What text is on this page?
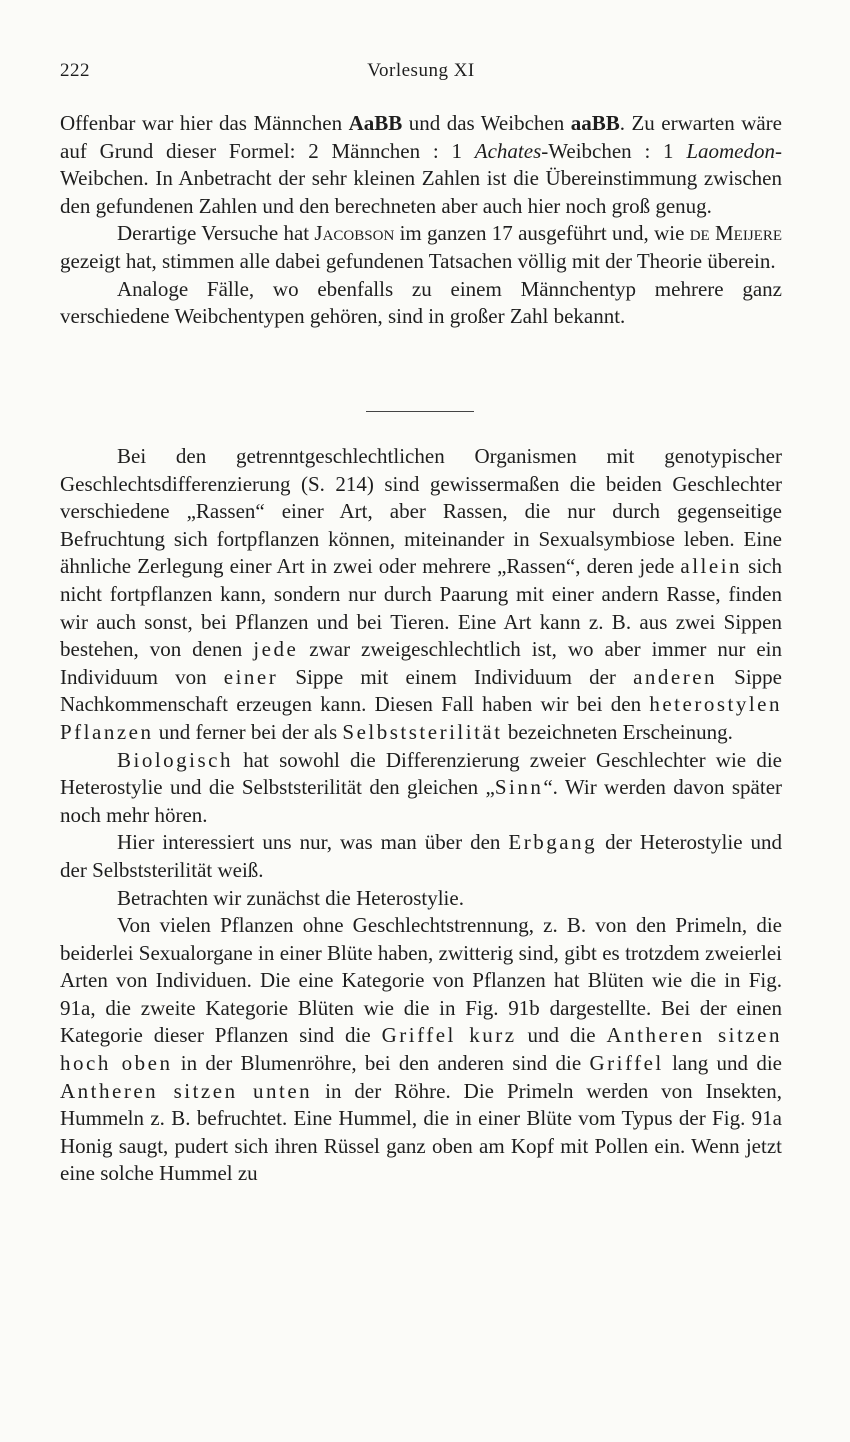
222	Vorlesung XI

Offenbar war hier das Männchen AaBB und das Weibchen aaBB. Zu erwarten wäre auf Grund dieser Formel: 2 Männchen : 1 Achates-Weibchen : 1 Laomedon-Weibchen. In Anbetracht der sehr kleinen Zahlen ist die Übereinstimmung zwischen den gefundenen Zahlen und den berechneten aber auch hier noch groß genug.

Derartige Versuche hat Jacobson im ganzen 17 ausgeführt und, wie de Meijere gezeigt hat, stimmen alle dabei gefundenen Tatsachen völlig mit der Theorie überein.

Analoge Fälle, wo ebenfalls zu einem Männchentyp mehrere ganz verschiedene Weibchentypen gehören, sind in großer Zahl bekannt.

Bei den getrenntgeschlechtlichen Organismen mit genotypischer Geschlechtsdifferenzierung (S. 214) sind gewissermaßen die beiden Geschlechter verschiedene „Rassen“ einer Art, aber Rassen, die nur durch gegenseitige Befruchtung sich fortpflanzen können, miteinander in Sexualsymbiose leben. Eine ähnliche Zerlegung einer Art in zwei oder mehrere „Rassen“, deren jede allein sich nicht fortpflanzen kann, sondern nur durch Paarung mit einer andern Rasse, finden wir auch sonst, bei Pflanzen und bei Tieren. Eine Art kann z. B. aus zwei Sippen bestehen, von denen jede zwar zweigeschlechtlich ist, wo aber immer nur ein Individuum von einer Sippe mit einem Individuum der anderen Sippe Nachkommenschaft erzeugen kann. Diesen Fall haben wir bei den heterostylen Pflanzen und ferner bei der als Selbststerilität bezeichneten Erscheinung.

Biologisch hat sowohl die Differenzierung zweier Geschlechter wie die Heterostylie und die Selbststerilität den gleichen „Sinn“. Wir werden davon später noch mehr hören.

Hier interessiert uns nur, was man über den Erbgang der Heterostylie und der Selbststerilität weiß.

Betrachten wir zunächst die Heterostylie.

Von vielen Pflanzen ohne Geschlechtstrennung, z. B. von den Primeln, die beiderlei Sexualorgane in einer Blüte haben, zwitterig sind, gibt es trotzdem zweierlei Arten von Individuen. Die eine Kategorie von Pflanzen hat Blüten wie die in Fig. 91a, die zweite Kategorie Blüten wie die in Fig. 91b dargestellte. Bei der einen Kategorie dieser Pflanzen sind die Griffel kurz und die Antheren sitzen hoch oben in der Blumenröhre, bei den anderen sind die Griffel lang und die Antheren sitzen unten in der Röhre. Die Primeln werden von Insekten, Hummeln z. B. befruchtet. Eine Hummel, die in einer Blüte vom Typus der Fig. 91a Honig saugt, pudert sich ihren Rüssel ganz oben am Kopf mit Pollen ein. Wenn jetzt eine solche Hummel zu
